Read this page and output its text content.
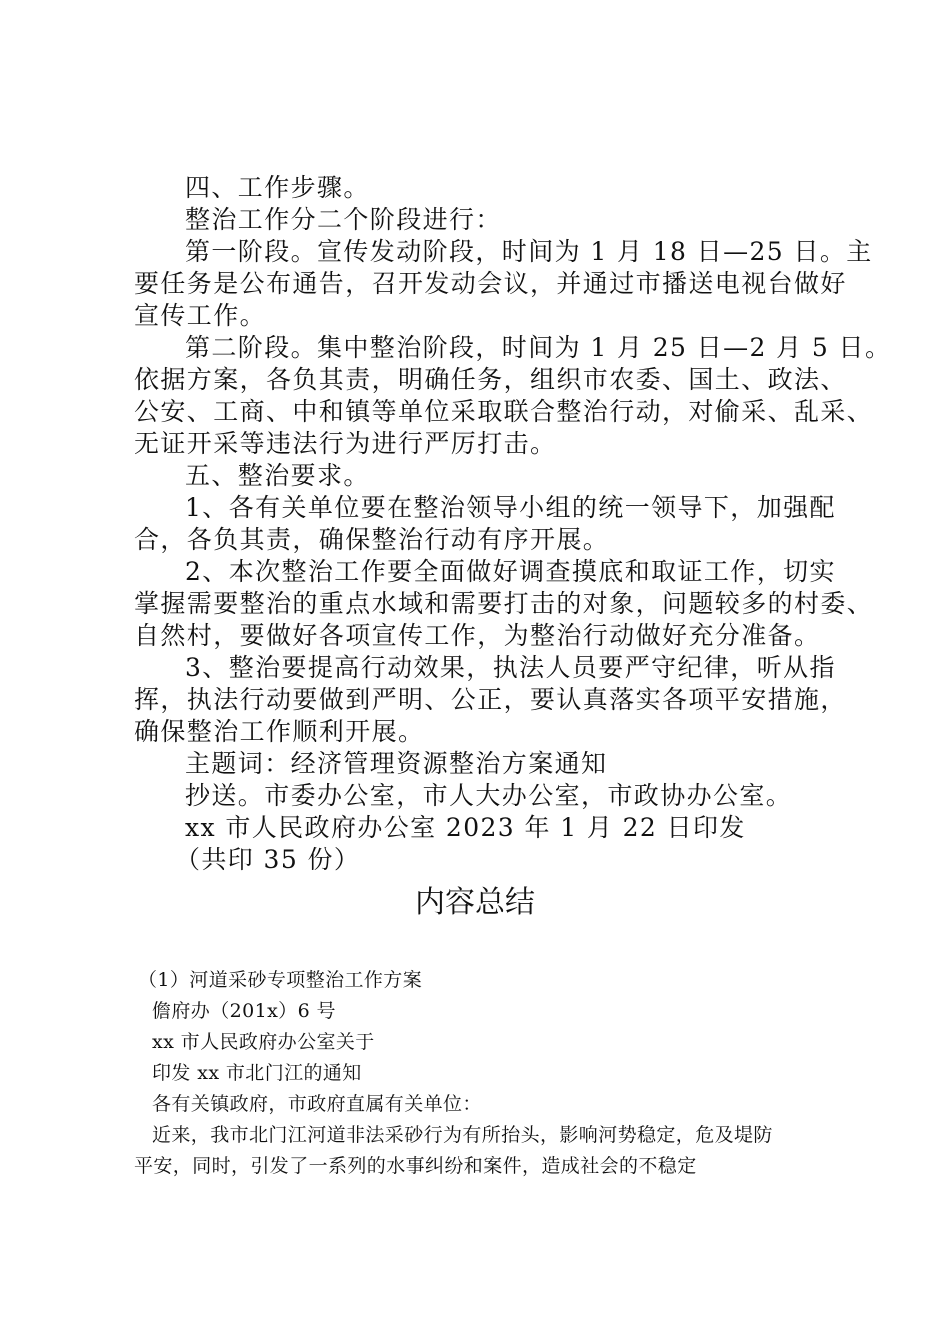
四、工作步骤。
整治工作分二个阶段进行：
第一阶段。宣传发动阶段，时间为 1 月 18 日—25 日。主
要任务是公布通告，召开发动会议，并通过市播送电视台做好
宣传工作。
第二阶段。集中整治阶段，时间为 1 月 25 日—2 月 5 日。
依据方案，各负其责，明确任务，组织市农委、国土、政法、
公安、工商、中和镇等单位采取联合整治行动，对偷采、乱采、
无证开采等违法行为进行严厉打击。
五、整治要求。
1、各有关单位要在整治领导小组的统一领导下，加强配
合，各负其责，确保整治行动有序开展。
2、本次整治工作要全面做好调查摸底和取证工作，切实
掌握需要整治的重点水域和需要打击的对象，问题较多的村委、
自然村，要做好各项宣传工作，为整治行动做好充分准备。
3、整治要提高行动效果，执法人员要严守纪律，听从指
挥，执法行动要做到严明、公正，要认真落实各项平安措施，
确保整治工作顺利开展。
主题词：经济管理资源整治方案通知
抄送。市委办公室，市人大办公室，市政协办公室。
xx 市人民政府办公室 2023 年 1 月 22 日印发
（共印 35 份）
内容总结
（1）河道采砂专项整治工作方案
儋府办（201x）6 号
xx 市人民政府办公室关于
印发 xx 市北门江的通知
各有关镇政府，市政府直属有关单位：
近来，我市北门江河道非法采砂行为有所抬头，影响河势稳定，危及堤防
平安，同时，引发了一系列的水事纠纷和案件，造成社会的不稳定
